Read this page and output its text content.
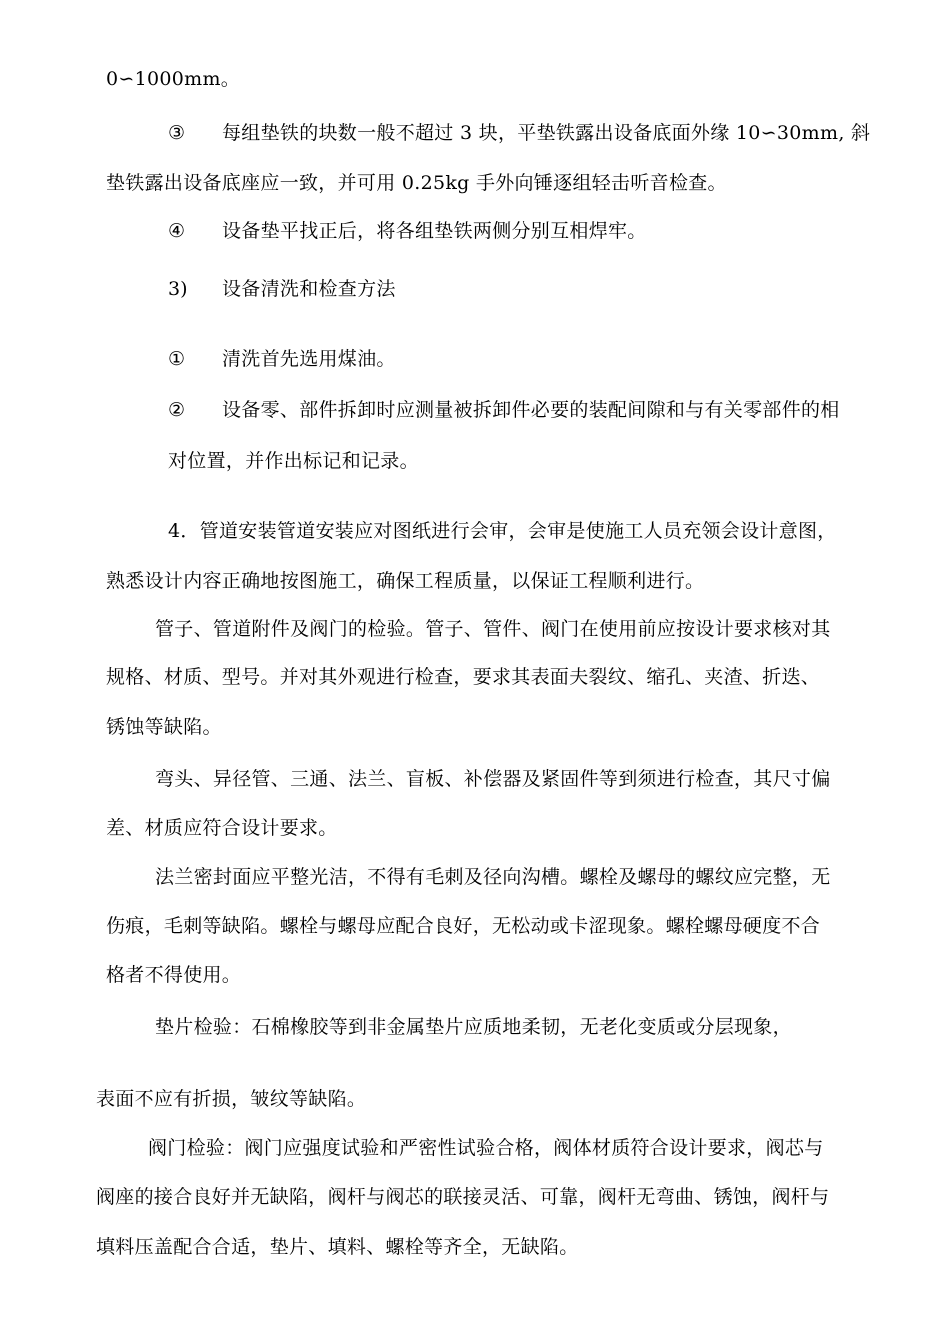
0∽1000mm。
③ 每组垫铁的块数一般不超过 3 块，平垫铁露出设备底面外缘 10∽30mm, 斜
垫铁露出设备底座应一致，并可用 0.25kg 手外向锤逐组轻击听音检查。
④ 设备垫平找正后，将各组垫铁两侧分别互相焊牢。
3) 设备清洗和检查方法
① 清洗首先选用煤油。
② 设备零、部件拆卸时应测量被拆卸件必要的装配间隙和与有关零部件的相
对位置，并作出标记和记录。
4．管道安装管道安装应对图纸进行会审，会审是使施工人员充领会设计意图，
熟悉设计内容正确地按图施工，确保工程质量，以保证工程顺利进行。
管子、管道附件及阀门的检验。管子、管件、阀门在使用前应按设计要求核对其
规格、材质、型号。并对其外观进行检查，要求其表面夫裂纹、缩孔、夹渣、折迭、
锈蚀等缺陷。
弯头、异径管、三通、法兰、盲板、补偿器及紧固件等到须进行检查，其尺寸偏
差、材质应符合设计要求。
法兰密封面应平整光洁，不得有毛刺及径向沟槽。螺栓及螺母的螺纹应完整，无
伤痕，毛刺等缺陷。螺栓与螺母应配合良好，无松动或卡涩现象。螺栓螺母硬度不合
格者不得使用。
垫片检验：石棉橡胶等到非金属垫片应质地柔韧，无老化变质或分层现象，
表面不应有折损，皱纹等缺陷。
阀门检验：阀门应强度试验和严密性试验合格，阀体材质符合设计要求，阀芯与
阀座的接合良好并无缺陷，阀杆与阀芯的联接灵活、可靠，阀杆无弯曲、锈蚀，阀杆与
填料压盖配合合适，垫片、填料、螺栓等齐全，无缺陷。
